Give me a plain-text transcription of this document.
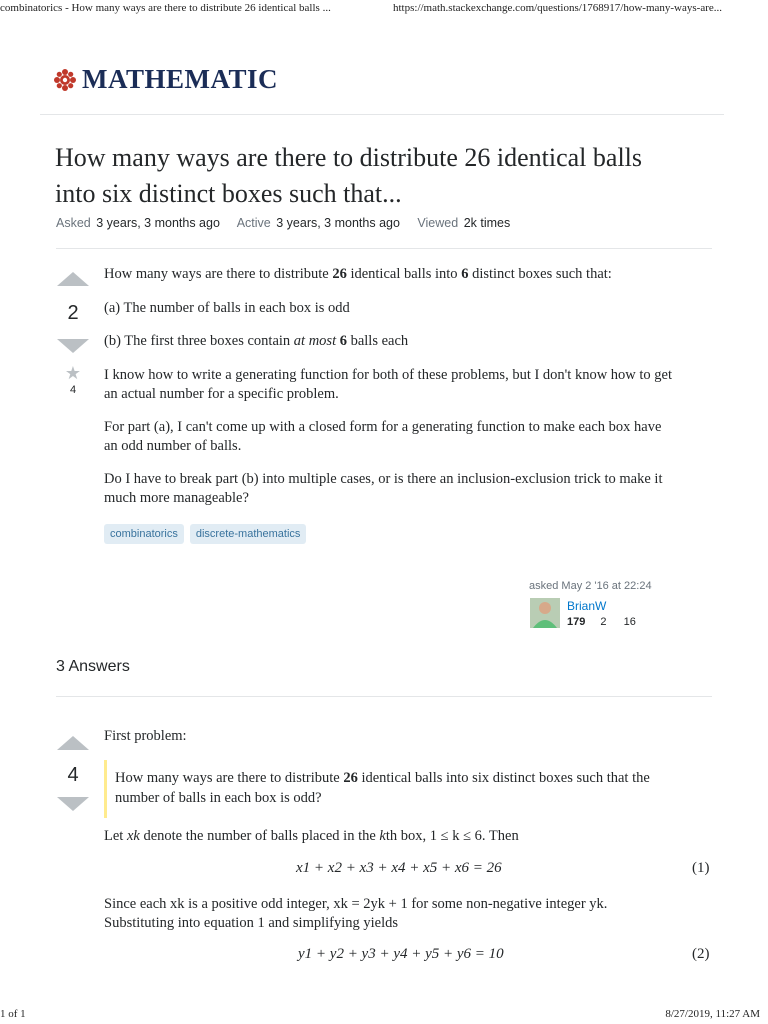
combinatorics - How many ways are there to distribute 26 identical balls ...	https://math.stackexchange.com/questions/1768917/how-many-ways-are...
MATHEMATIC
How many ways are there to distribute 26 identical balls
into six distinct boxes such that...
Asked 3 years, 3 months ago Active 3 years, 3 months ago Viewed 2k times
2
★
4

How many ways are there to distribute 26 identical balls into 6 distinct boxes such that:

(a) The number of balls in each box is odd

(b) The first three boxes contain at most 6 balls each

I know how to write a generating function for both of these problems, but I don't know how to get

an actual number for a specific problem.

For part (a), I can't come up with a closed form for a generating function to make each box have

an odd number of balls.

Do I have to break part (b) into multiple cases, or is there an inclusion-exclusion trick to make it

much more manageable?

combinatorics	discrete-mathematics
asked May 2 '16 at 22:24
BrianW
179 2 16
3 Answers
4

First problem:

How many ways are there to distribute 26 identical balls into six distinct boxes such that the

number of balls in each box is odd?

Let xk denote the number of balls placed in the kth box, 1 ≤ k ≤ 6. Then

x1 + x2 + x3 + x4 + x5 + x6 = 26	(1)

Since each xk is a positive odd integer, xk = 2yk + 1 for some non-negative integer yk.

Substituting into equation 1 and simplifying yields

y1 + y2 + y3 + y4 + y5 + y6 = 10	(2)
1 of 1	8/27/2019, 11:27 AM
